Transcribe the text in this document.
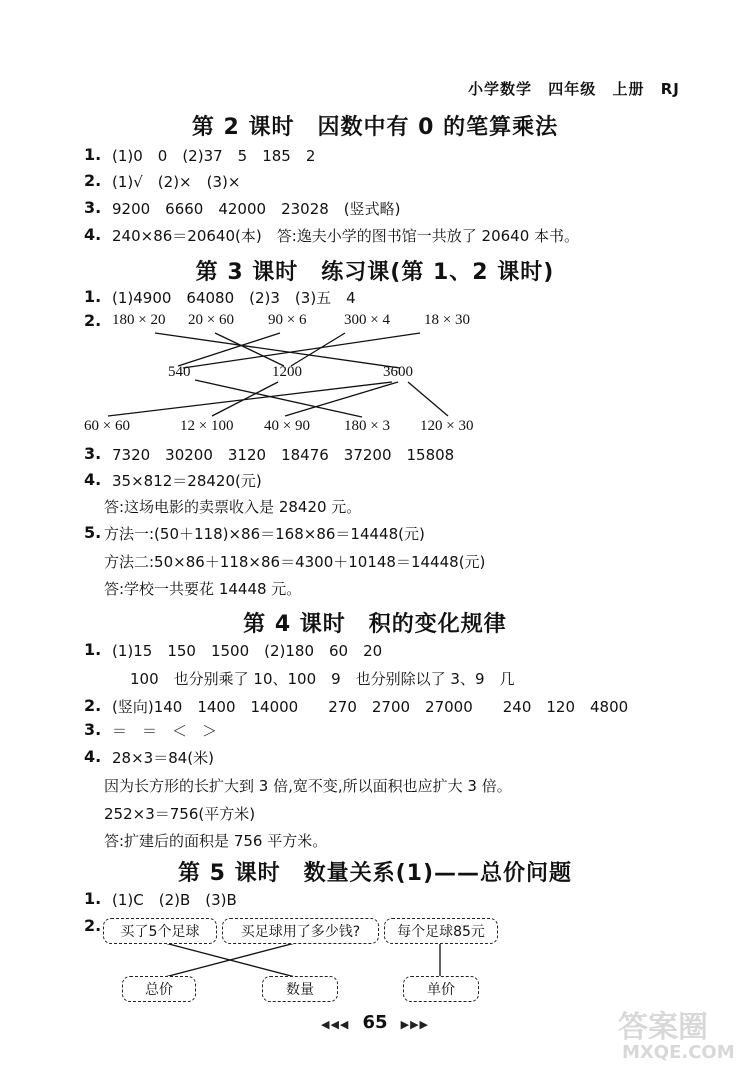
小学数学 四年级 上册 RJ
第 2 课时　因数中有 0 的笔算乘法
1. (1)0　0　(2)37　5　185　2
2. (1)√　(2)×　(3)×
3. 9200　6660　42000　23028　(竖式略)
4. 240×86＝20640(本)　答:逸夫小学的图书馆一共放了 20640 本书。
第 3 课时　练习课(第 1、2 课时)
1. (1)4900　64080　(2)3　(3)五　4
2. 180 × 20 20 × 60 90 × 6	300 × 4 18 × 30
540	1200	3600
60 × 60	12 × 100 40 × 90 180 × 3 120 × 30
3. 7320　30200　3120　18476　37200　15808
4. 35×812＝28420(元)
答:这场电影的卖票收入是 28420 元。
5. 方法一:(50＋118)×86＝168×86＝14448(元)
方法二:50×86＋118×86＝4300＋10148＝14448(元)
答:学校一共要花 14448 元。
第 4 课时　积的变化规律
1. (1)15　150　1500　(2)180　60　20
100　也分别乘了 10、100　9　也分别除以了 3、9　几
2. (竖向)140　1400　14000　　270　2700　27000　　240　120　4800
3. ＝　＝　＜　＞
4. 28×3＝84(米)
因为长方形的长扩大到 3 倍,宽不变,所以面积也应扩大 3 倍。
252×3＝756(平方米)
答:扩建后的面积是 756 平方米。
第 5 课时　数量关系(1)——总价问题
1. (1)C　(2)B　(3)B
2.	买了5个足球	买足球用了多少钱?	每个足球85元
总价	数量	单价
◀◀◀ 65 ▶▶▶	答案圈
MXQE.COM
